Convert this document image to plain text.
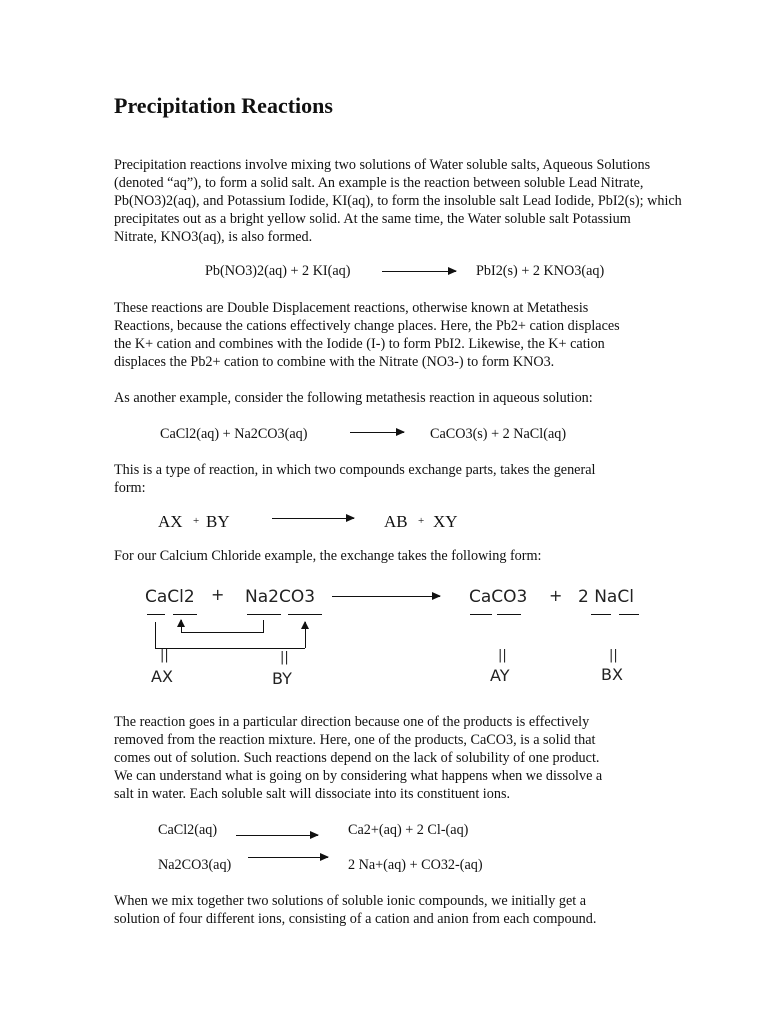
Precipitation Reactions
Precipitation reactions involve mixing two solutions of Water soluble salts, Aqueous Solutions
(denoted “aq”), to form a solid salt. An example is the reaction between soluble Lead Nitrate,
Pb(NO3)2(aq), and Potassium Iodide, KI(aq), to form the insoluble salt Lead Iodide, PbI2(s); which
precipitates out as a bright yellow solid. At the same time, the Water soluble salt Potassium
Nitrate, KNO3(aq), is also formed.
Pb(NO3)2(aq) + 2 KI(aq)	PbI2(s) + 2 KNO3(aq)
These reactions are Double Displacement reactions, otherwise known at Metathesis
Reactions, because the cations effectively change places. Here, the Pb2+ cation displaces
the K+ cation and combines with the Iodide (I-) to form PbI2. Likewise, the K+ cation
displaces the Pb2+ cation to combine with the Nitrate (NO3-) to form KNO3.
As another example, consider the following metathesis reaction in aqueous solution:
CaCl2(aq) + Na2CO3(aq)	CaCO3(s) + 2 NaCl(aq)
This is a type of reaction, in which two compounds exchange parts, takes the general
form:
AX + BY	AB + XY
For our Calcium Chloride example, the exchange takes the following form:
CaCl2 + Na2CO3	CaCO3 + 2 NaCl
||	||	||	||
AX	BY	AY	BX
The reaction goes in a particular direction because one of the products is effectively
removed from the reaction mixture. Here, one of the products, CaCO3, is a solid that
comes out of solution. Such reactions depend on the lack of solubility of one product.
We can understand what is going on by considering what happens when we dissolve a
salt in water. Each soluble salt will dissociate into its constituent ions.
CaCl2(aq)	Ca2+(aq) + 2 Cl-(aq)
Na2CO3(aq)	2 Na+(aq) + CO32-(aq)
When we mix together two solutions of soluble ionic compounds, we initially get a
solution of four different ions, consisting of a cation and anion from each compound.
